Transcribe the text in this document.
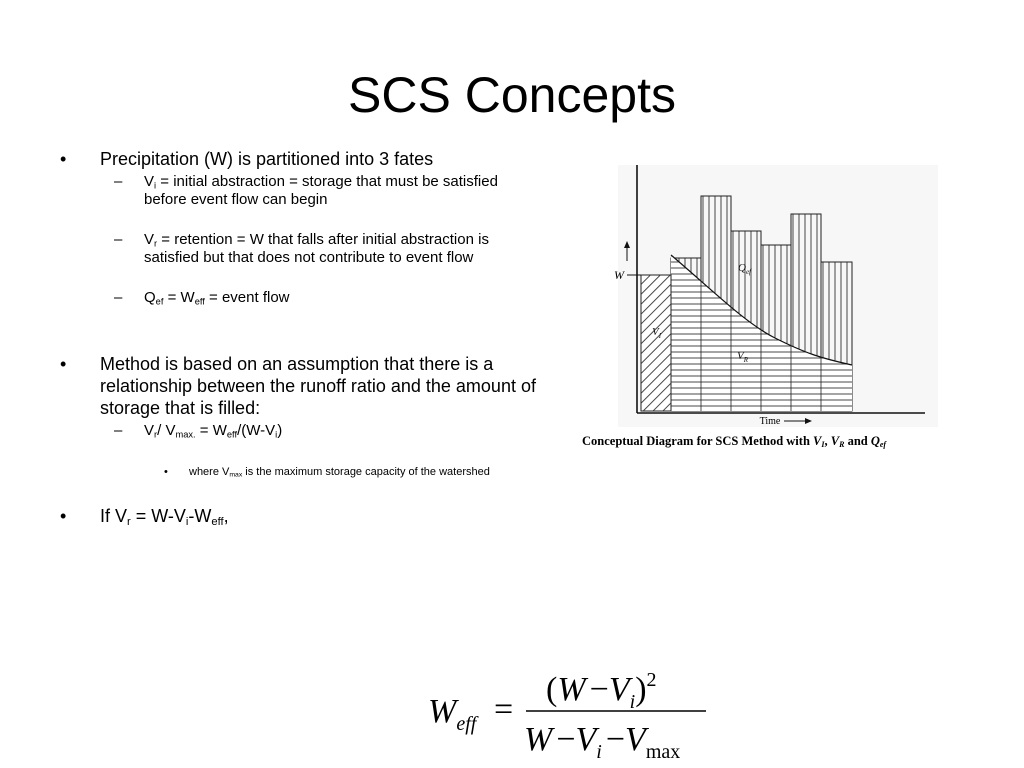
SCS Concepts
• Precipitation (W) is partitioned into 3 fates
– $V_i$ = initial abstraction = storage that must be satisfied before event flow can begin
– $V_r$ = retention = W that falls after initial abstraction is satisfied but that does not contribute to event flow
– $Q_{ef} = W_{eff}$ = event flow
• Method is based on an assumption that there is a relationship between the runoff ratio and the amount of storage that is filled:
– $V_r/$ $V_{max.} = W_{eff}/(W-V_i)$
• where $V_{max}$ is the maximum storage capacity of the watershed
• If $V_r = W-V_i-W_{eff}$,
W	$Q_{ef}$
$V_I$
$V_R$
Time
Conceptual Diagram for SCS Method with VI, VR and Qef
$W_{eff}$ =
$(W -V_i)^2$
$W -V_i -V_{max}$
